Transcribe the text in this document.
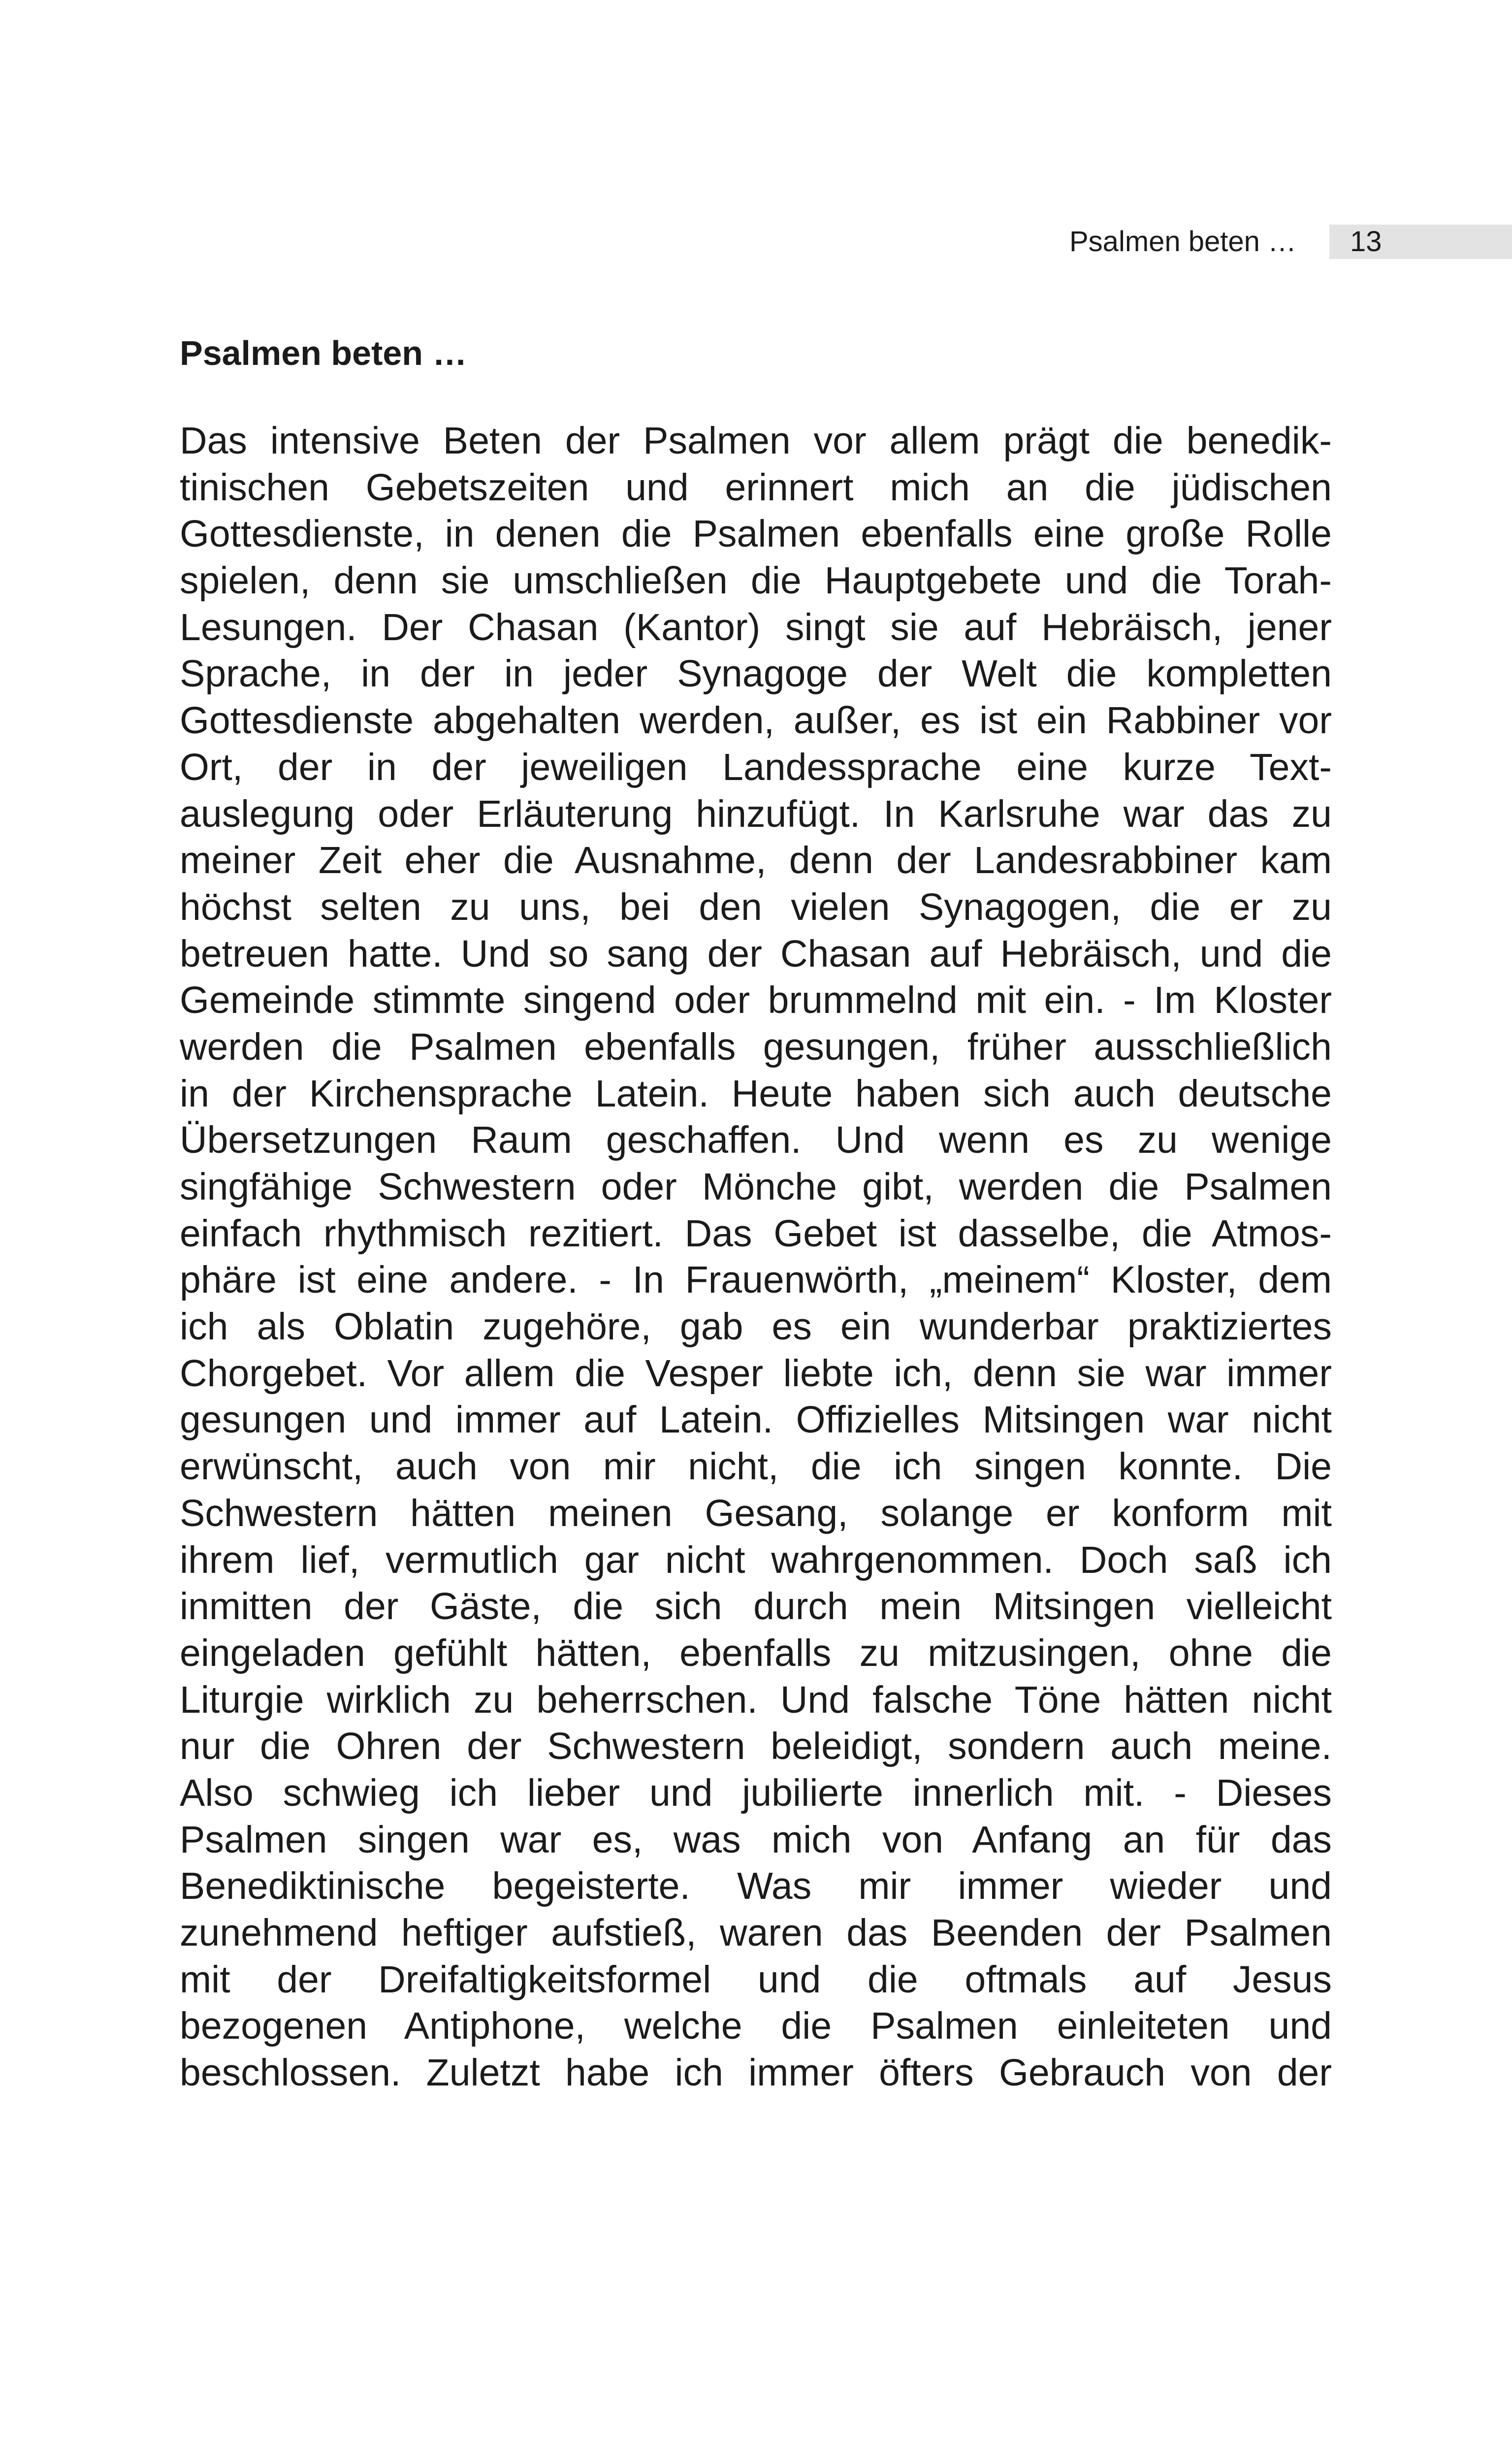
Psalmen beten …	13
Psalmen beten …
Das intensive Beten der Psalmen vor allem prägt die benedik-
tinischen Gebetszeiten und erinnert mich an die jüdischen
Gottesdienste, in denen die Psalmen ebenfalls eine große Rolle
spielen, denn sie umschließen die Hauptgebete und die Torah-
Lesungen. Der Chasan (Kantor) singt sie auf Hebräisch, jener
Sprache, in der in jeder Synagoge der Welt die kompletten
Gottesdienste abgehalten werden, außer, es ist ein Rabbiner vor
Ort, der in der jeweiligen Landessprache eine kurze Text-
auslegung oder Erläuterung hinzufügt. In Karlsruhe war das zu
meiner Zeit eher die Ausnahme, denn der Landesrabbiner kam
höchst selten zu uns, bei den vielen Synagogen, die er zu
betreuen hatte. Und so sang der Chasan auf Hebräisch, und die
Gemeinde stimmte singend oder brummelnd mit ein. - Im Kloster
werden die Psalmen ebenfalls gesungen, früher ausschließlich
in der Kirchensprache Latein. Heute haben sich auch deutsche
Übersetzungen Raum geschaffen. Und wenn es zu wenige
singfähige Schwestern oder Mönche gibt, werden die Psalmen
einfach rhythmisch rezitiert. Das Gebet ist dasselbe, die Atmos-
phäre ist eine andere. - In Frauenwörth, „meinem“ Kloster, dem
ich als Oblatin zugehöre, gab es ein wunderbar praktiziertes
Chorgebet. Vor allem die Vesper liebte ich, denn sie war immer
gesungen und immer auf Latein. Offizielles Mitsingen war nicht
erwünscht, auch von mir nicht, die ich singen konnte. Die
Schwestern hätten meinen Gesang, solange er konform mit
ihrem lief, vermutlich gar nicht wahrgenommen. Doch saß ich
inmitten der Gäste, die sich durch mein Mitsingen vielleicht
eingeladen gefühlt hätten, ebenfalls zu mitzusingen, ohne die
Liturgie wirklich zu beherrschen. Und falsche Töne hätten nicht
nur die Ohren der Schwestern beleidigt, sondern auch meine.
Also schwieg ich lieber und jubilierte innerlich mit. - Dieses
Psalmen singen war es, was mich von Anfang an für das
Benediktinische begeisterte. Was mir immer wieder und
zunehmend heftiger aufstieß, waren das Beenden der Psalmen
mit der Dreifaltigkeitsformel und die oftmals auf Jesus
bezogenen Antiphone, welche die Psalmen einleiteten und
beschlossen. Zuletzt habe ich immer öfters Gebrauch von der
